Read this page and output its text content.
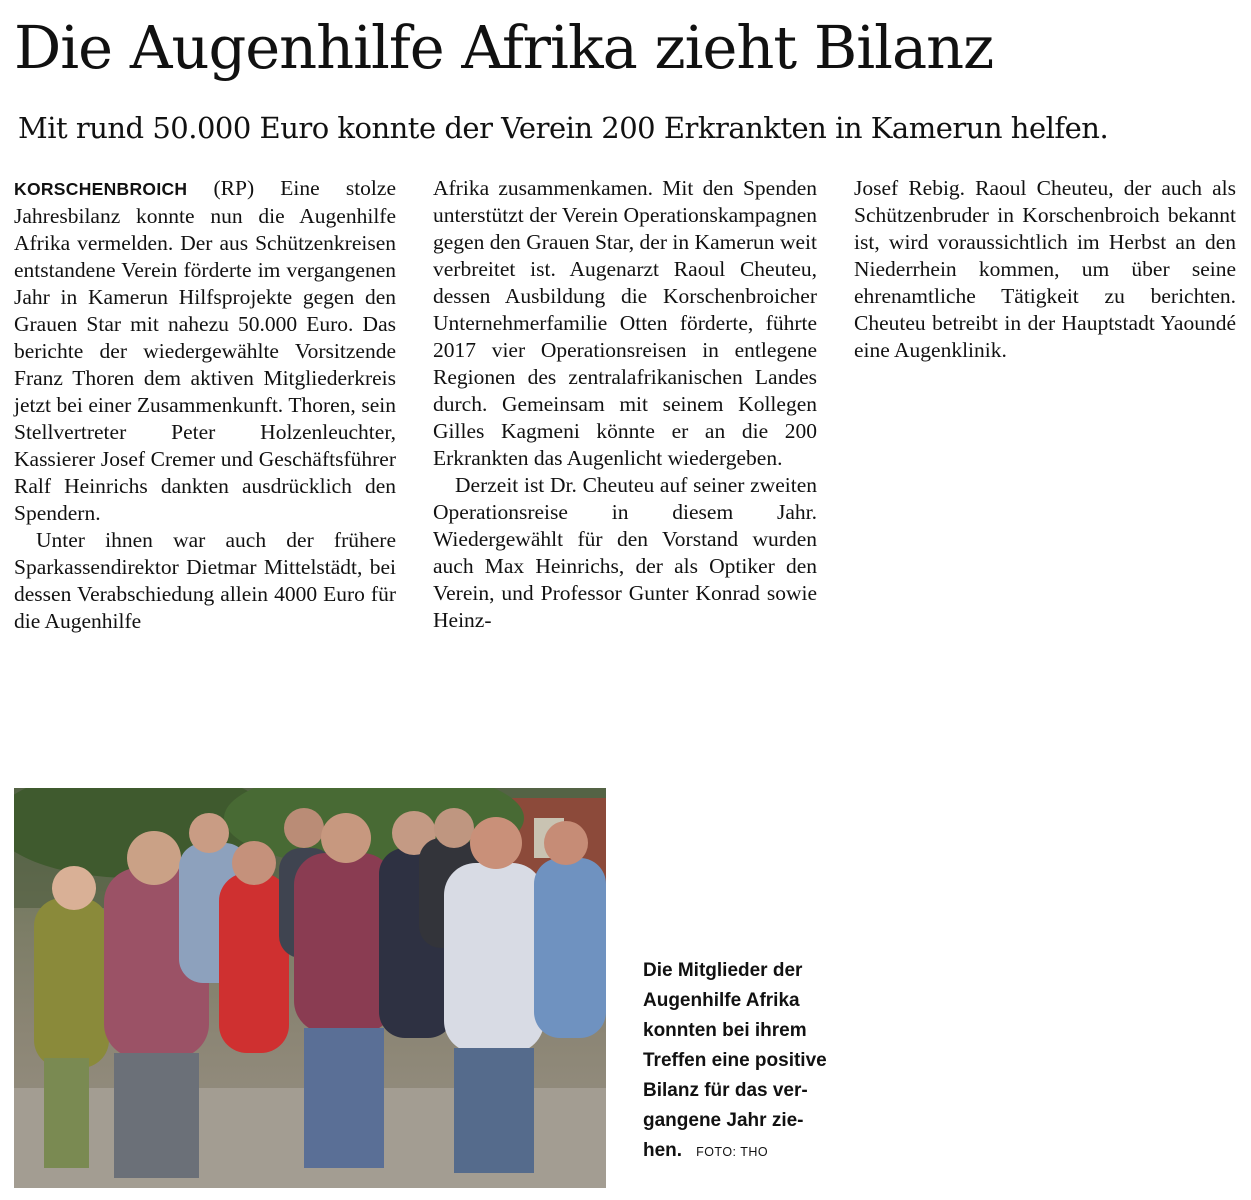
Die Augenhilfe Afrika zieht Bilanz
Mit rund 50.000 Euro konnte der Verein 200 Erkrankten in Kamerun helfen.

KORSCHENBROICH (RP) Eine stolze Jahresbilanz konnte nun die Augenhilfe Afrika vermelden. Der aus Schützenkreisen entstandene Verein förderte im vergangenen Jahr in Kamerun Hilfsprojekte gegen den Grauen Star mit nahezu 50.000 Euro. Das berichte der wiedergewählte Vorsitzende Franz Thoren dem aktiven Mitgliederkreis jetzt bei einer Zusammenkunft. Thoren, sein Stellvertreter Peter Holzenleuchter, Kassierer Josef Cremer und Geschäftsführer Ralf Heinrichs dankten ausdrücklich den Spendern.

Unter ihnen war auch der frühere Sparkassendirektor Dietmar Mittelstädt, bei dessen Verabschiedung allein 4000 Euro für die Augenhilfe

Afrika zusammenkamen. Mit den Spenden unterstützt der Verein Operationskampagnen gegen den Grauen Star, der in Kamerun weit verbreitet ist. Augenarzt Raoul Cheuteu, dessen Ausbildung die Korschenbroicher Unternehmerfamilie Otten förderte, führte 2017 vier Operationsreisen in entlegene Regionen des zentralafrikanischen Landes durch. Gemeinsam mit seinem Kollegen Gilles Kagmeni könnte er an die 200 Erkrankten das Augenlicht wiedergeben.

Derzeit ist Dr. Cheuteu auf seiner zweiten Operationsreise in diesem Jahr. Wiedergewählt für den Vorstand wurden auch Max Heinrichs, der als Optiker den Verein, und Professor Gunter Konrad sowie Heinz-

Josef Rebig. Raoul Cheuteu, der auch als Schützenbruder in Korschenbroich bekannt ist, wird voraussichtlich im Herbst an den Niederrhein kommen, um über seine ehrenamtliche Tätigkeit zu berichten. Cheuteu betreibt in der Hauptstadt Yaoundé eine Augenklinik.

Die Mitglieder der Augenhilfe Afrika konnten bei ihrem Treffen eine positive Bilanz für das vergangene Jahr ziehen. FOTO: THO
